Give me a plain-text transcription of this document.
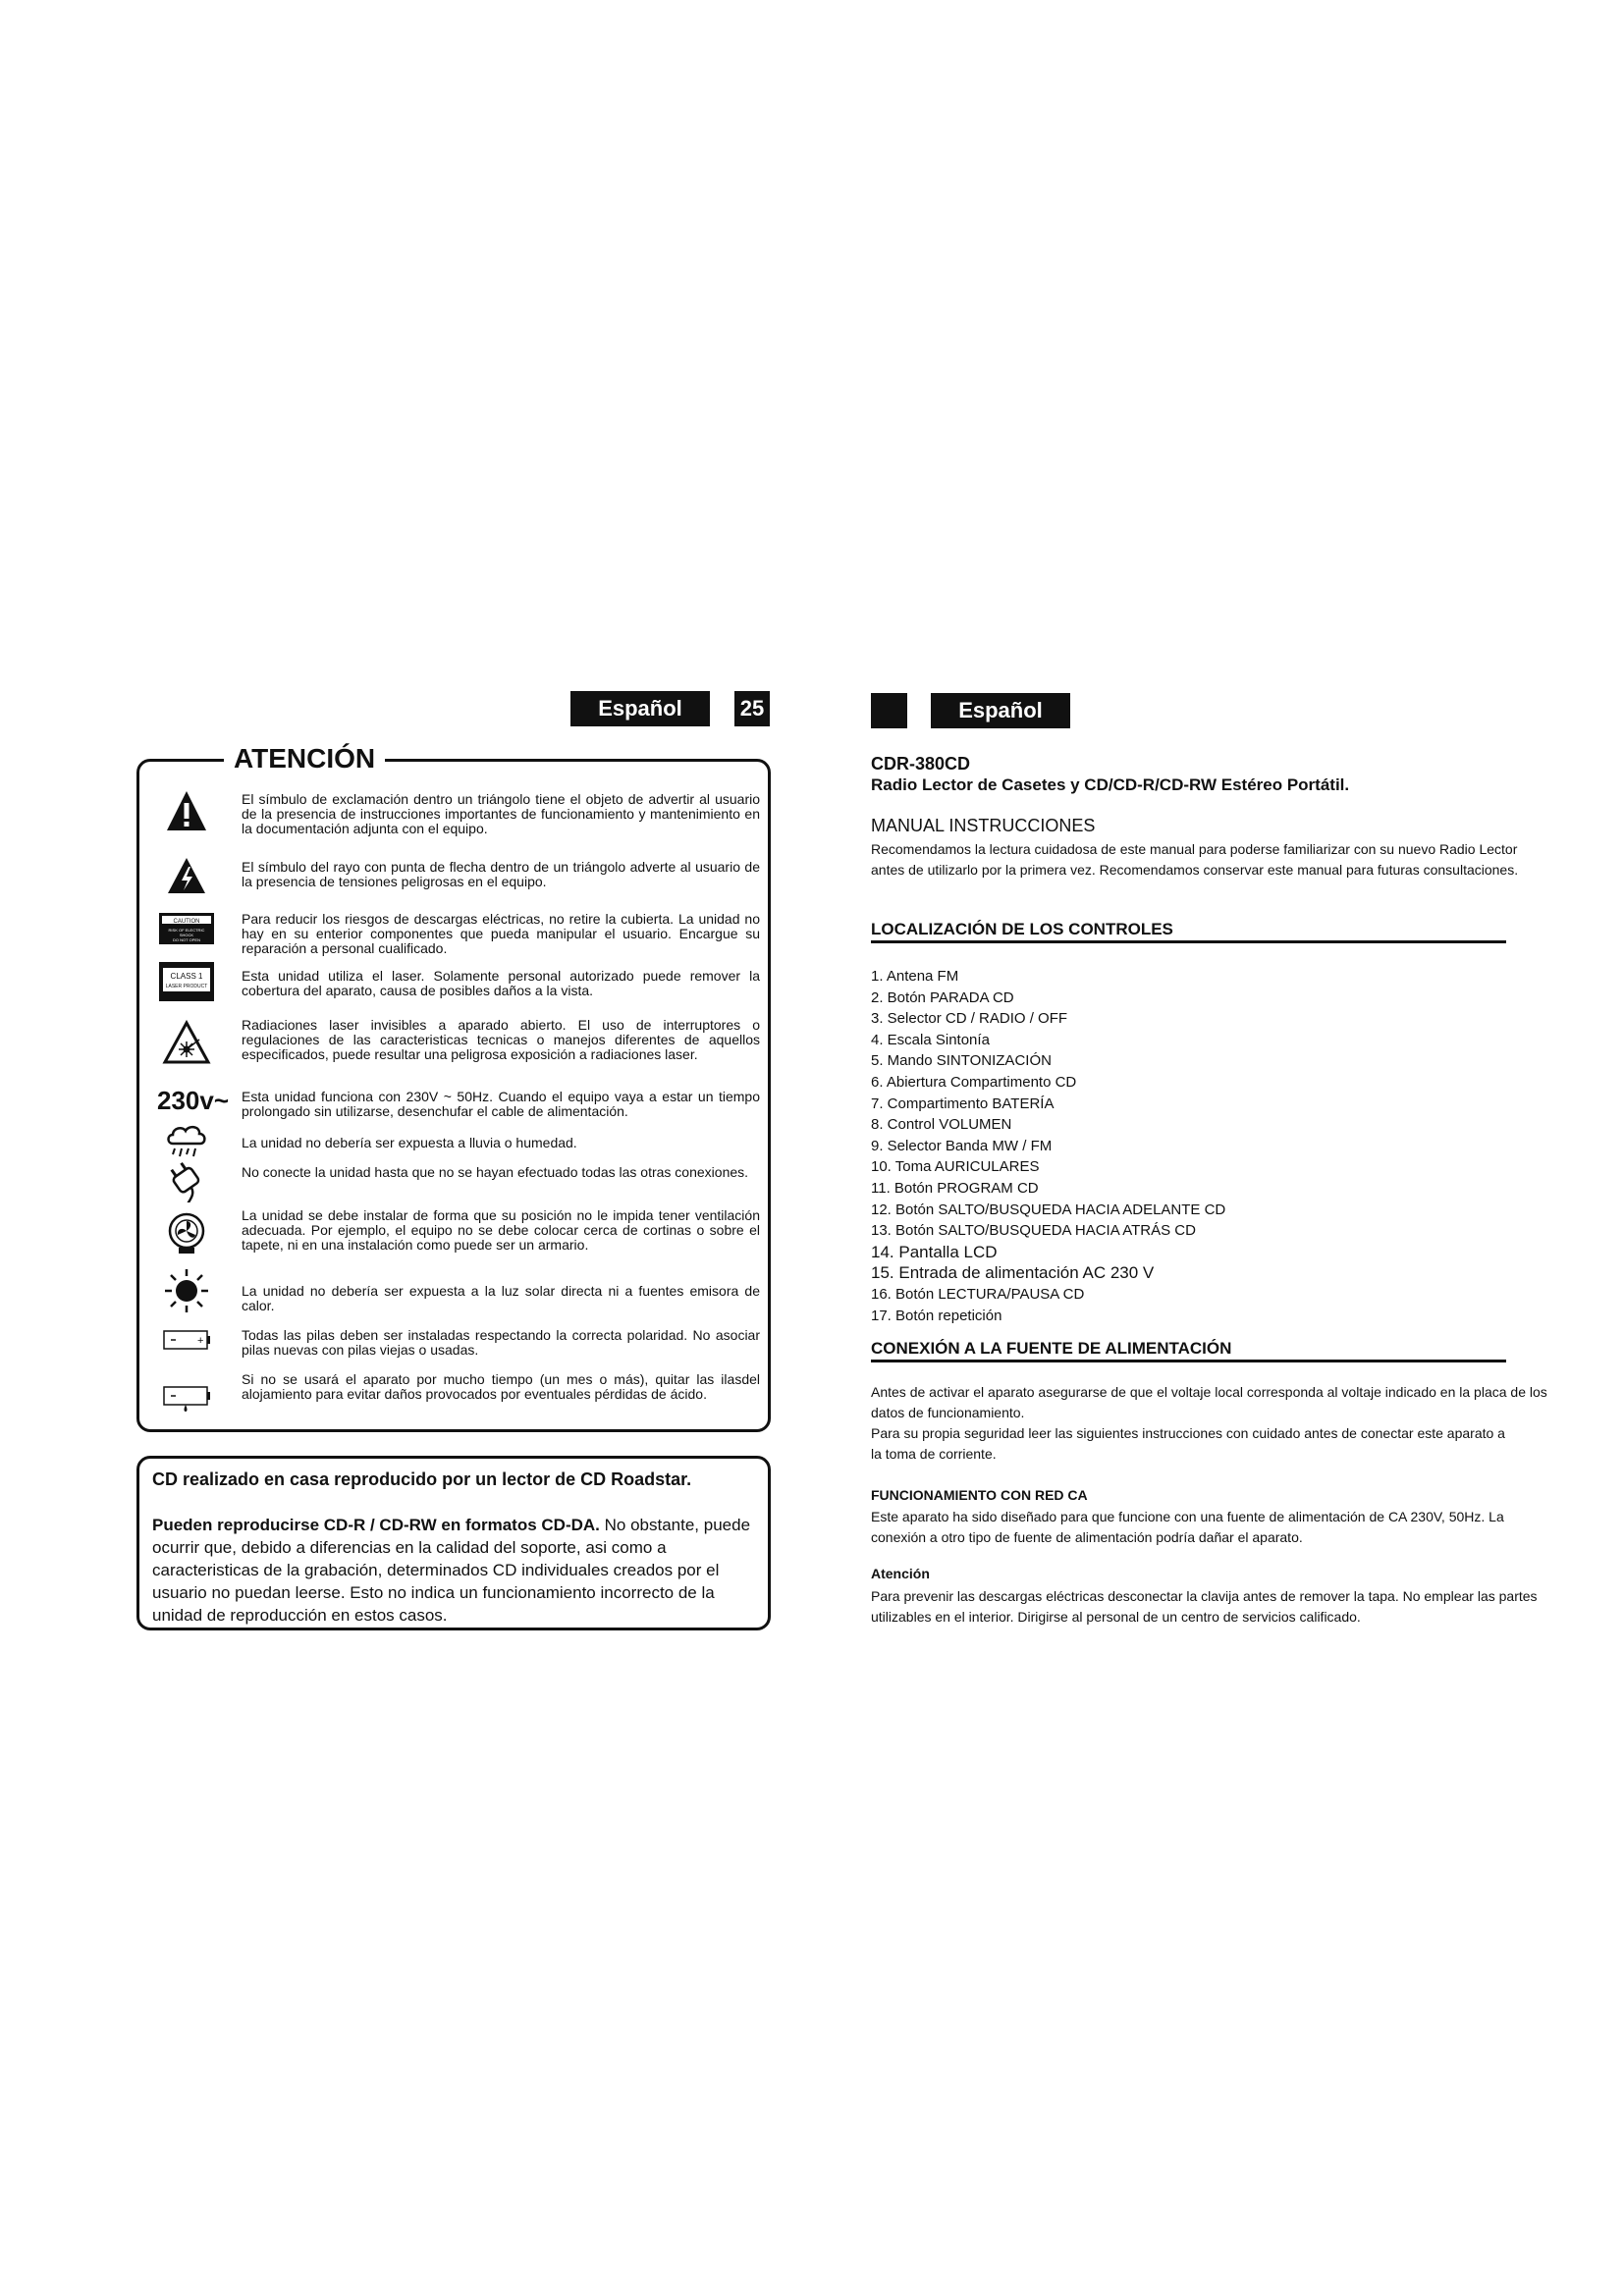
Español	25
ATENCIÓN
CAUTION
RISK OF ELECTRIC
SHOCK
DO NOT OPEN
CLASS 1
LASER PRODUCT
230v~
+
El símbulo de exclamación dentro un triángolo tiene el objeto de advertir al usuario de la presencia de instrucciones importantes de funcionamiento y mantenimiento en la documentación adjunta con el equipo.
El símbulo del rayo con punta de flecha dentro de un triángolo adverte al usuario de la presencia de tensiones peligrosas en el equipo.
Para reducir los riesgos de descargas eléctricas, no retire la cubierta. La unidad no hay en su enterior componentes que pueda manipular el usuario. Encargue su reparación a personal cualificado.
Esta unidad utiliza el laser. Solamente personal autorizado puede remover la cobertura del aparato, causa de posibles daños a la vista.
Radiaciones laser invisibles a aparado abierto. El uso de interruptores o regulaciones de las caracteristicas tecnicas o manejos diferentes de aquellos especificados, puede resultar una peligrosa exposición a radiaciones laser.
Esta unidad funciona con 230V ~ 50Hz. Cuando el equipo vaya a estar un tiempo prolongado sin utilizarse, desenchufar el cable de alimentación.
La unidad no debería ser expuesta a lluvia o humedad.
No conecte la unidad hasta que no se hayan efectuado todas las otras conexiones.
La unidad se debe instalar de forma que su posición no le impida tener ventilación adecuada. Por ejemplo, el equipo no se debe colocar cerca de cortinas o sobre el tapete, ni en una instalación como puede ser un armario.
La unidad no debería ser expuesta a la luz solar directa ni a fuentes emisora de calor.
Todas las pilas deben ser instaladas respectando la correcta polaridad. No asociar pilas nuevas con pilas viejas o usadas.
Si no se usará el aparato por mucho tiempo (un mes o más), quitar las ilasdel alojamiento para evitar daños provocados por eventuales pérdidas de ácido.
CD realizado en casa reproducido por un lector de CD Roadstar.
Pueden reproducirse CD-R / CD-RW en formatos CD-DA. No obstante, puede ocurrir que, debido a diferencias en la calidad del soporte, asi como a caracteristicas de la grabación, determinados CD individuales creados por el usuario no puedan leerse. Esto no indica un funcionamiento incorrecto de la unidad de reproducción en estos casos.
Español
CDR-380CD
Radio Lector de Casetes y CD/CD-R/CD-RW Estéreo Portátil.
MANUAL INSTRUCCIONES
Recomendamos la lectura cuidadosa de este manual para poderse familiarizar con su nuevo Radio Lector antes de utilizarlo por la primera vez. Recomendamos conservar este manual para futuras consultaciones.
LOCALIZACIÓN DE LOS CONTROLES
1. Antena FM
2. Botón PARADA CD
3. Selector CD / RADIO / OFF
4. Escala Sintonía
5. Mando SINTONIZACIÓN
6. Abiertura Compartimento CD
7. Compartimento BATERÍA
8. Control VOLUMEN
9. Selector Banda MW / FM
10. Toma AURICULARES
11. Botón PROGRAM CD
12. Botón SALTO/BUSQUEDA HACIA ADELANTE CD
13. Botón SALTO/BUSQUEDA HACIA ATRÁS CD
14. Pantalla LCD
15. Entrada de alimentación AC 230 V
16. Botón LECTURA/PAUSA CD
17. Botón repetición
CONEXIÓN A LA FUENTE DE ALIMENTACIÓN
Antes de activar el aparato asegurarse de que el voltaje local corresponda al voltaje indicado en la placa de los datos de funcionamiento.
Para su propia seguridad leer las siguientes instrucciones con cuidado antes de conectar este aparato a la toma de corriente.
FUNCIONAMIENTO CON RED CA
Este aparato ha sido diseñado para que funcione con una fuente de alimentación de CA 230V, 50Hz. La conexión a otro tipo de fuente de alimentación podría dañar el aparato.
Atención
Para prevenir las descargas eléctricas desconectar la clavija antes de remover la tapa. No emplear las partes utilizables en el interior. Dirigirse al personal de un centro de servicios calificado.
